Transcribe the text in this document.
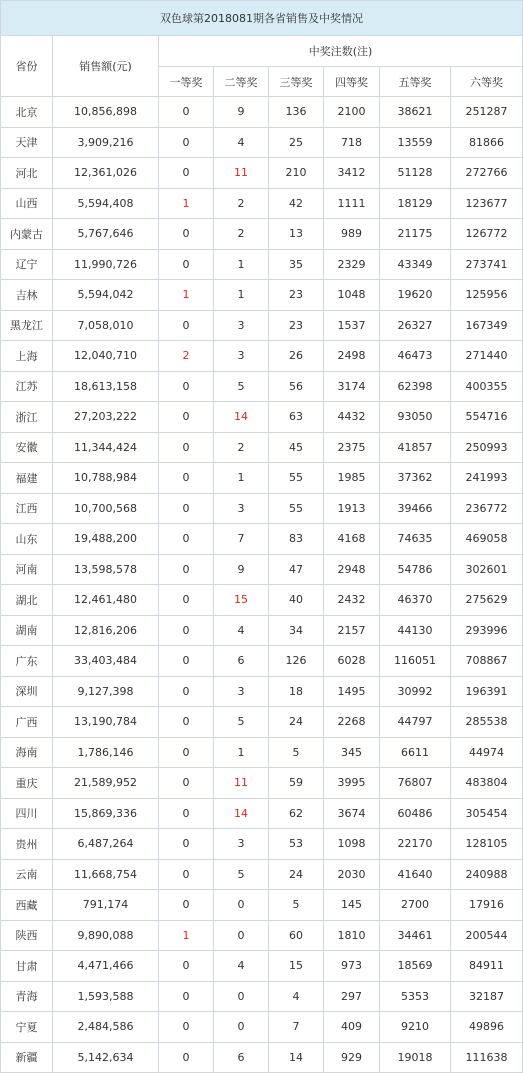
双色球第2018081期各省销售及中奖情况							
省份	销售额(元)	中奖注数(注)					
		一等奖	二等奖	三等奖	四等奖	五等奖	六等奖
北京	10,856,898	0	9	136	2100	38621	251287
天津	3,909,216	0	4	25	718	13559	81866
河北	12,361,026	0	11	210	3412	51128	272766
山西	5,594,408	1	2	42	1111	18129	123677
内蒙古	5,767,646	0	2	13	989	21175	126772
辽宁	11,990,726	0	1	35	2329	43349	273741
吉林	5,594,042	1	1	23	1048	19620	125956
黑龙江	7,058,010	0	3	23	1537	26327	167349
上海	12,040,710	2	3	26	2498	46473	271440
江苏	18,613,158	0	5	56	3174	62398	400355
浙江	27,203,222	0	14	63	4432	93050	554716
安徽	11,344,424	0	2	45	2375	41857	250993
福建	10,788,984	0	1	55	1985	37362	241993
江西	10,700,568	0	3	55	1913	39466	236772
山东	19,488,200	0	7	83	4168	74635	469058
河南	13,598,578	0	9	47	2948	54786	302601
湖北	12,461,480	0	15	40	2432	46370	275629
湖南	12,816,206	0	4	34	2157	44130	293996
广东	33,403,484	0	6	126	6028	116051	708867
深圳	9,127,398	0	3	18	1495	30992	196391
广西	13,190,784	0	5	24	2268	44797	285538
海南	1,786,146	0	1	5	345	6611	44974
重庆	21,589,952	0	11	59	3995	76807	483804
四川	15,869,336	0	14	62	3674	60486	305454
贵州	6,487,264	0	3	53	1098	22170	128105
云南	11,668,754	0	5	24	2030	41640	240988
西藏	791,174	0	0	5	145	2700	17916
陕西	9,890,088	1	0	60	1810	34461	200544
甘肃	4,471,466	0	4	15	973	18569	84911
青海	1,593,588	0	0	4	297	5353	32187
宁夏	2,484,586	0	0	7	409	9210	49896
新疆	5,142,634	0	6	14	929	19018	111638
